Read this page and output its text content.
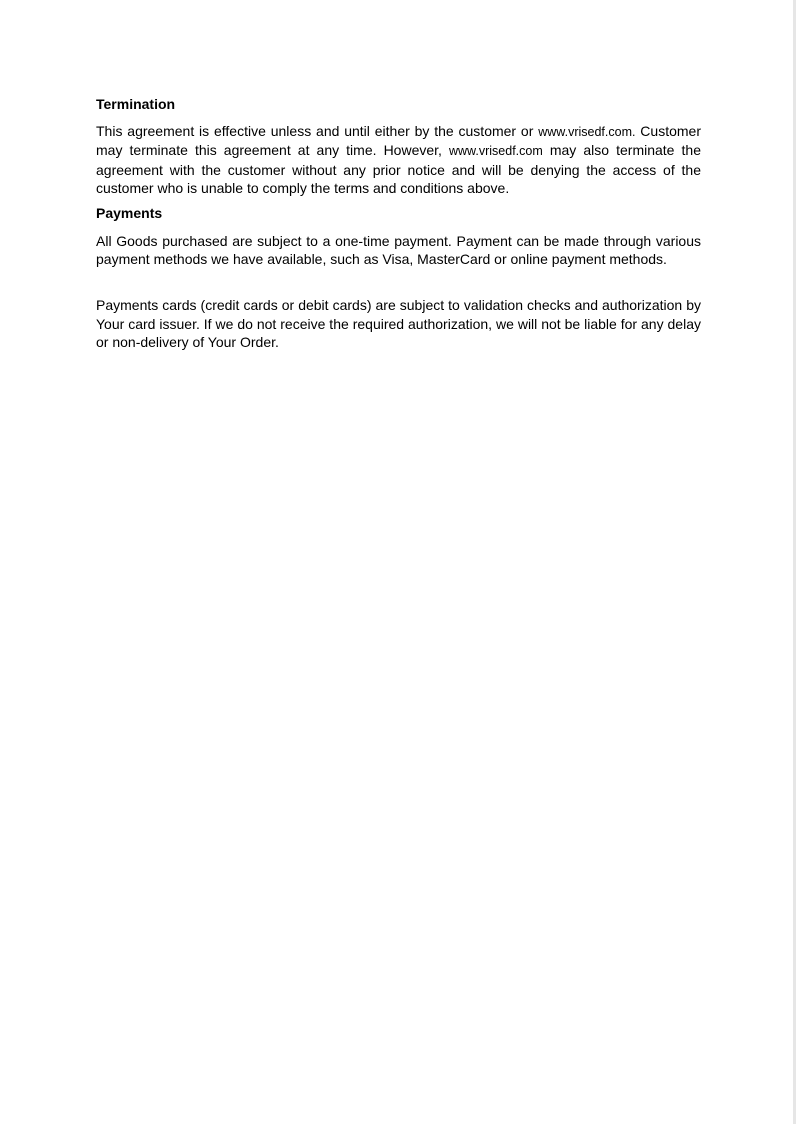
Termination

This agreement is effective unless and until either by the customer or www.vrisedf.com. Customer may terminate this agreement at any time. However, www.vrisedf.com may also terminate the agreement with the customer without any prior notice and will be denying the access of the customer who is unable to comply the terms and conditions above.

Payments

All Goods purchased are subject to a one-time payment. Payment can be made through various payment methods we have available, such as Visa, MasterCard or online payment methods.

Payments cards (credit cards or debit cards) are subject to validation checks and authorization by Your card issuer. If we do not receive the required authorization, we will not be liable for any delay or non-delivery of Your Order.
